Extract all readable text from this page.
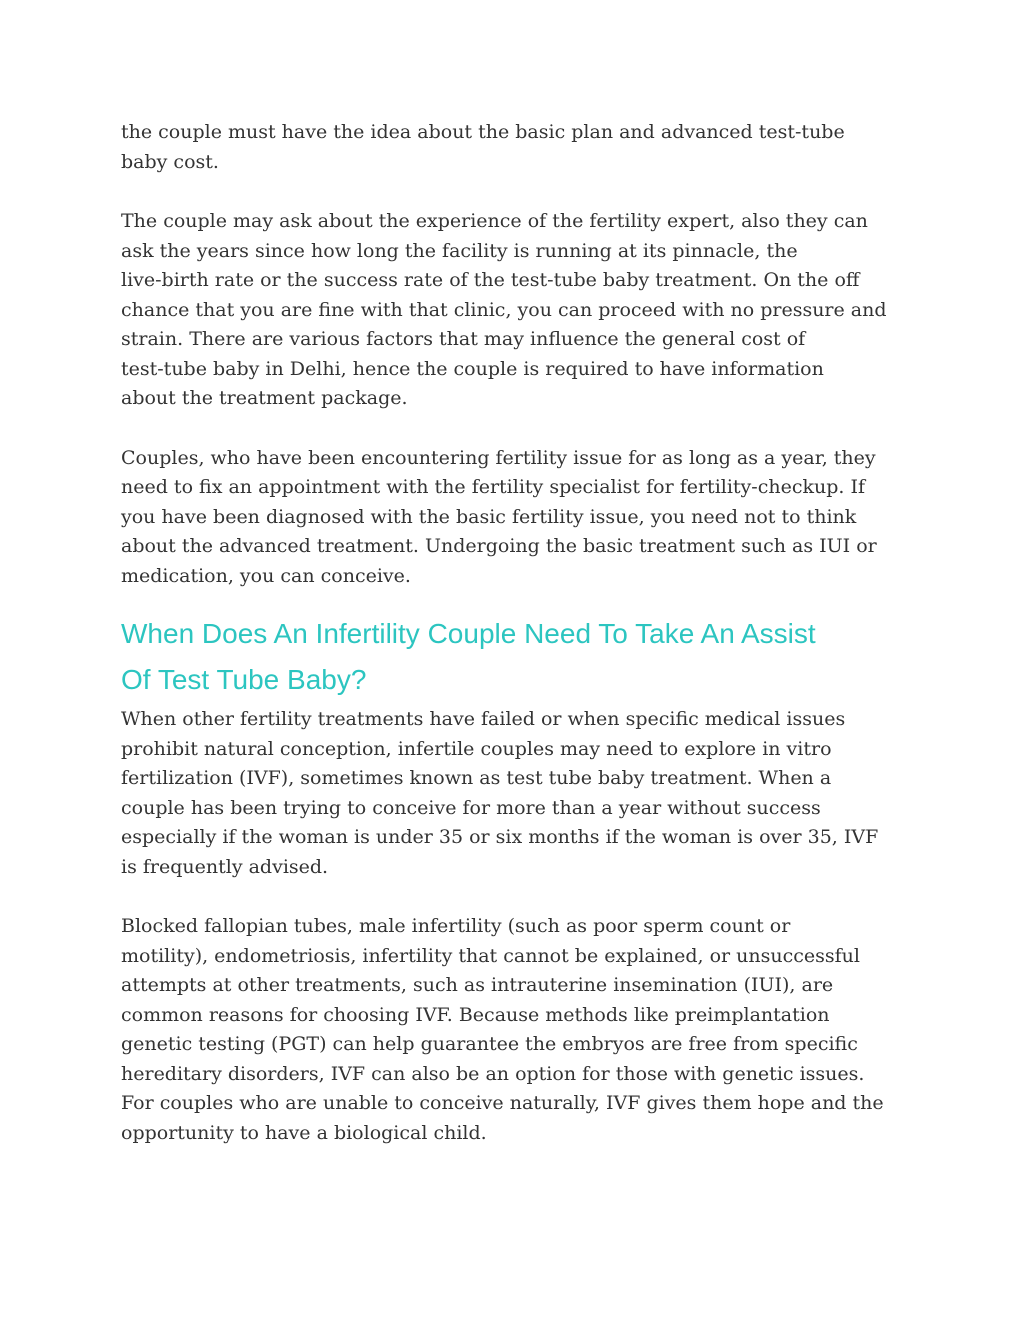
the couple must have the idea about the basic plan and advanced test-tube
baby cost.

The couple may ask about the experience of the fertility expert, also they can
ask the years since how long the facility is running at its pinnacle, the
live-birth rate or the success rate of the test-tube baby treatment. On the off
chance that you are fine with that clinic, you can proceed with no pressure and
strain. There are various factors that may influence the general cost of
test-tube baby in Delhi, hence the couple is required to have information
about the treatment package.

Couples, who have been encountering fertility issue for as long as a year, they
need to fix an appointment with the fertility specialist for fertility-checkup. If
you have been diagnosed with the basic fertility issue, you need not to think
about the advanced treatment. Undergoing the basic treatment such as IUI or
medication, you can conceive.

When Does An Infertility Couple Need To Take An Assist
Of Test Tube Baby?

When other fertility treatments have failed or when specific medical issues
prohibit natural conception, infertile couples may need to explore in vitro
fertilization (IVF), sometimes known as test tube baby treatment. When a
couple has been trying to conceive for more than a year without success
especially if the woman is under 35 or six months if the woman is over 35, IVF
is frequently advised.

Blocked fallopian tubes, male infertility (such as poor sperm count or
motility), endometriosis, infertility that cannot be explained, or unsuccessful
attempts at other treatments, such as intrauterine insemination (IUI), are
common reasons for choosing IVF. Because methods like preimplantation
genetic testing (PGT) can help guarantee the embryos are free from specific
hereditary disorders, IVF can also be an option for those with genetic issues.
For couples who are unable to conceive naturally, IVF gives them hope and the
opportunity to have a biological child.
